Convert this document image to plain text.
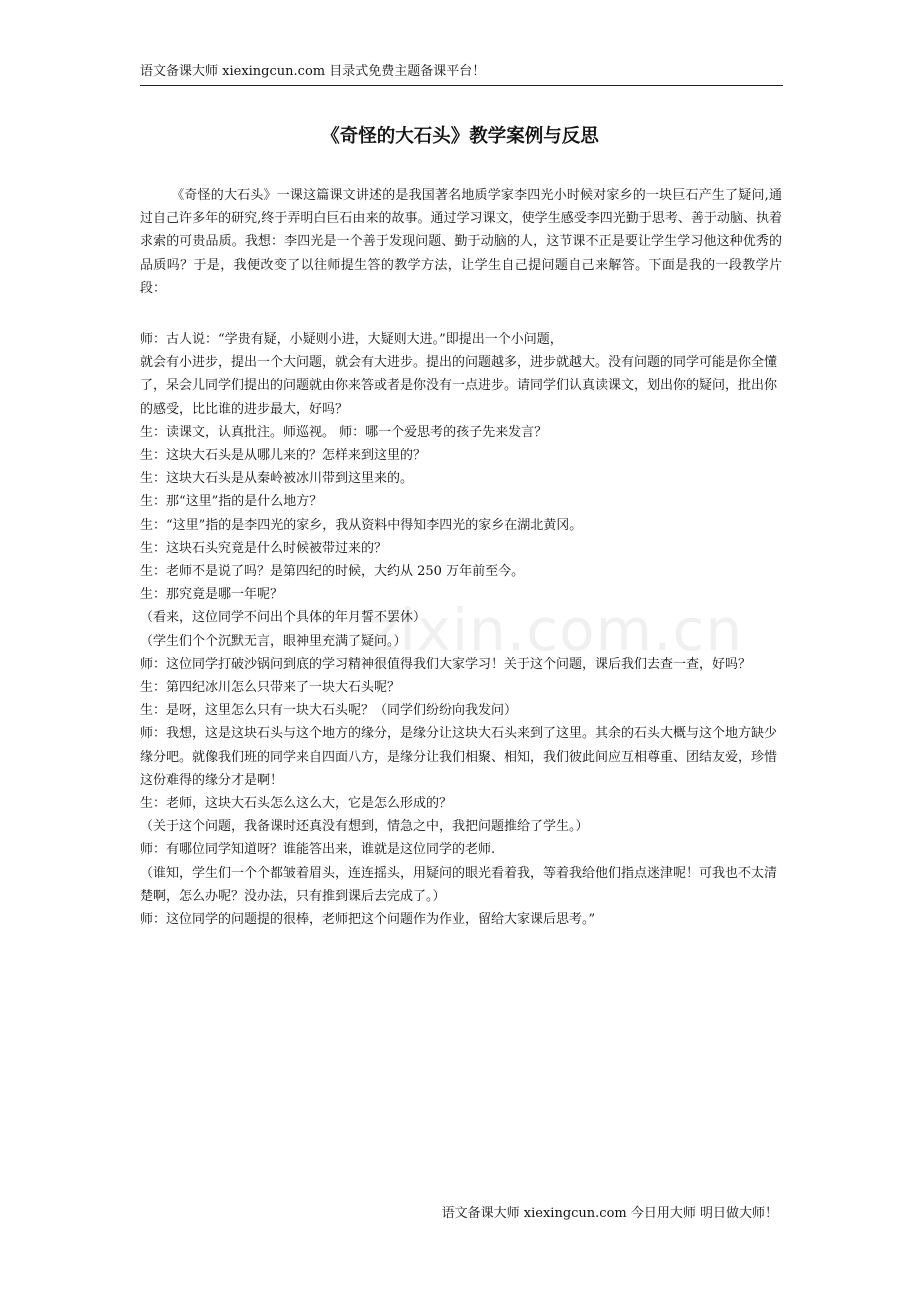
语文备课大师 xiexingcun.com 目录式免费主题备课平台！
《奇怪的大石头》教学案例与反思
《奇怪的大石头》一课这篇课文讲述的是我国著名地质学家李四光小时候对家乡的一块巨石产生了疑问,通过自己许多年的研究,终于弄明白巨石由来的故事。通过学习课文，使学生感受李四光勤于思考、善于动脑、执着求索的可贵品质。我想：李四光是一个善于发现问题、勤于动脑的人，这节课不正是要让学生学习他这种优秀的品质吗？于是，我便改变了以往师提生答的教学方法，让学生自己提问题自己来解答。下面是我的一段教学片段：
zixin.com.cn

师：古人说：“学贵有疑，小疑则小进，大疑则大进。”即提出一个小问题，

就会有小进步，提出一个大问题，就会有大进步。提出的问题越多，进步就越大。没有问题的同学可能是你全懂了，呆会儿同学们提出的问题就由你来答或者是你没有一点进步。请同学们认真读课文，划出你的疑问，批出你的感受，比比谁的进步最大，好吗？

生：读课文，认真批注。师巡视。 师：哪一个爱思考的孩子先来发言？

生：这块大石头是从哪儿来的？怎样来到这里的？

生：这块大石头是从秦岭被冰川带到这里来的。

生：那“这里”指的是什么地方？

生：“这里”指的是李四光的家乡，我从资料中得知李四光的家乡在湖北黄冈。

生：这块石头究竟是什么时候被带过来的？

生：老师不是说了吗？是第四纪的时候，大约从 250 万年前至今。

生：那究竟是哪一年呢？

（看来，这位同学不问出个具体的年月誓不罢休）

（学生们个个沉默无言，眼神里充满了疑问。）

师：这位同学打破沙锅问到底的学习精神很值得我们大家学习！关于这个问题，课后我们去查一查，好吗？

生：第四纪冰川怎么只带来了一块大石头呢？

生：是呀，这里怎么只有一块大石头呢？（同学们纷纷向我发问）

师：我想，这是这块石头与这个地方的缘分，是缘分让这块大石头来到了这里。其余的石头大概与这个地方缺少缘分吧。就像我们班的同学来自四面八方，是缘分让我们相聚、相知，我们彼此间应互相尊重、团结友爱，珍惜这份难得的缘分才是啊！

生：老师，这块大石头怎么这么大，它是怎么形成的？

（关于这个问题，我备课时还真没有想到，情急之中，我把问题推给了学生。）

师：有哪位同学知道呀？谁能答出来，谁就是这位同学的老师.

（谁知，学生们一个个都皱着眉头，连连摇头，用疑问的眼光看着我，等着我给他们指点迷津呢！可我也不太清楚啊，怎么办呢？没办法，只有推到课后去完成了。）

师：这位同学的问题提的很棒，老师把这个问题作为作业，留给大家课后思考。”

语文备课大师 xiexingcun.com 今日用大师 明日做大师！
